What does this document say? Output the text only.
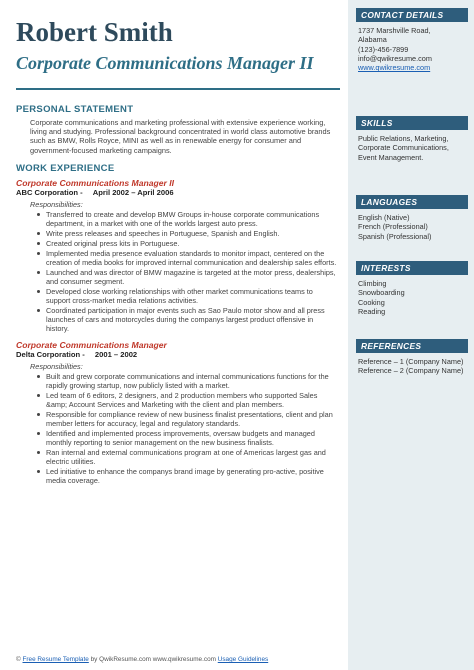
Robert Smith
Corporate Communications Manager II
PERSONAL STATEMENT

Corporate communications and marketing professional with extensive experience working, living and studying. Professional background concentrated in world class automotive brands such as BMW, Rolls Royce, MINI as well as in renewable energy for consumer and government-focused marketing campaigns.

WORK EXPERIENCE
Corporate Communications Manager II
ABC Corporation - April 2002 – April 2006
Responsibilities:
Transferred to create and develop BMW Groups in-house corporate communications department, in a market with one of the worlds largest auto press.
Write press releases and speeches in Portuguese, Spanish and English.
Created original press kits in Portuguese.
Implemented media presence evaluation standards to monitor impact, centered on the creation of media books for improved internal communication and dealership sales efforts.
Launched and was director of BMW magazine is targeted at the motor press, dealerships, and consumer segment.
Developed close working relationships with other market communications teams to support cross-market media relations activities.
Coordinated participation in major events such as Sao Paulo motor show and all press launches of cars and motorcycles during the companys largest product offensive in history.
Corporate Communications Manager
Delta Corporation - 2001 – 2002
Responsibilities:
Built and grew corporate communications and internal communications functions for the rapidly growing startup, now publicly listed with a market.
Led team of 6 editors, 2 designers, and 2 production members who supported Sales &amp; Account Services and Marketing with the client and plan members.
Responsible for compliance review of new business finalist presentations, client and plan member letters for accuracy, legal and regulatory standards.
Identified and implemented process improvements, oversaw budgets and managed monthly reporting to senior management on the new business finalists.
Ran internal and external communications program at one of Americas largest gas and electric utilities.
Led initiative to enhance the companys brand image by generating pro-active, positive media coverage.
CONTACT DETAILS
1737 Marshville Road,
Alabama
(123)-456-7899
info@qwikresume.com
www.qwikresume.com
SKILLS
Public Relations, Marketing, Corporate Communications, Event Management.
LANGUAGES
English (Native)
French (Professional)
Spanish (Professional)
INTERESTS
Climbing
Snowboarding
Cooking
Reading
REFERENCES
Reference – 1 (Company Name)
Reference – 2 (Company Name)
© Free Resume Template by QwikResume.com www.qwikresume.com Usage Guidelines
